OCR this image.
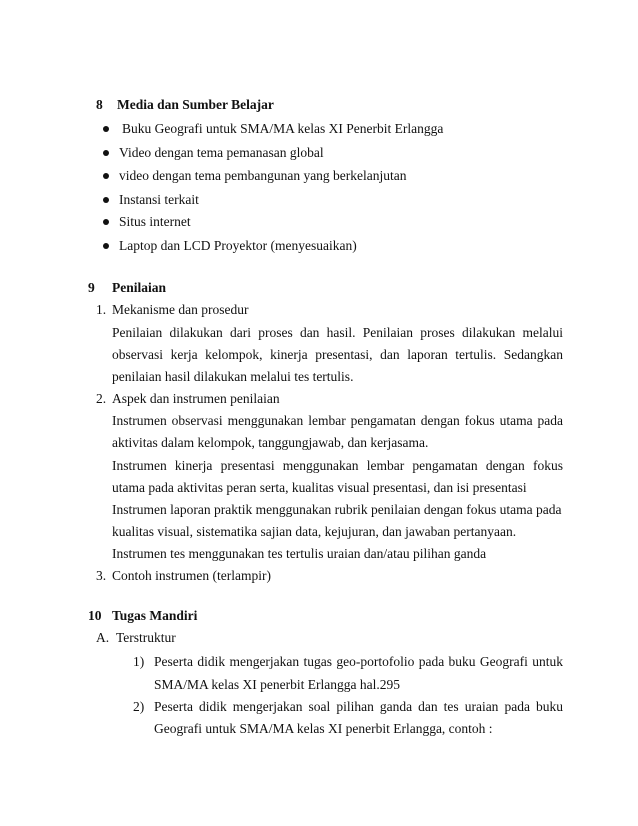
8 Media dan Sumber Belajar
Buku Geografi untuk SMA/MA kelas XI Penerbit Erlangga
Video dengan tema pemanasan global
video dengan tema pembangunan yang berkelanjutan
Instansi terkait
Situs internet
Laptop dan LCD Proyektor (menyesuaikan)
9 Penilaian
1. Mekanisme dan prosedur
Penilaian dilakukan dari proses dan hasil. Penilaian proses dilakukan melalui
observasi kerja kelompok, kinerja presentasi, dan laporan tertulis. Sedangkan
penilaian hasil dilakukan melalui tes tertulis.
2. Aspek dan instrumen penilaian
Instrumen observasi menggunakan lembar pengamatan dengan fokus utama pada
aktivitas dalam kelompok, tanggungjawab, dan kerjasama.
Instrumen kinerja presentasi menggunakan lembar pengamatan dengan fokus
utama pada aktivitas peran serta, kualitas visual presentasi, dan isi presentasi
Instrumen laporan praktik menggunakan rubrik penilaian dengan fokus utama pada
kualitas visual, sistematika sajian data, kejujuran, dan jawaban pertanyaan.
Instrumen tes menggunakan tes tertulis uraian dan/atau pilihan ganda
3. Contoh instrumen (terlampir)
10 Tugas Mandiri
A. Terstruktur
1) Peserta didik mengerjakan tugas geo-portofolio pada buku Geografi untuk
SMA/MA kelas XI penerbit Erlangga hal.295
2) Peserta didik mengerjakan soal pilihan ganda dan tes uraian pada buku
Geografi untuk SMA/MA kelas XI penerbit Erlangga, contoh :
